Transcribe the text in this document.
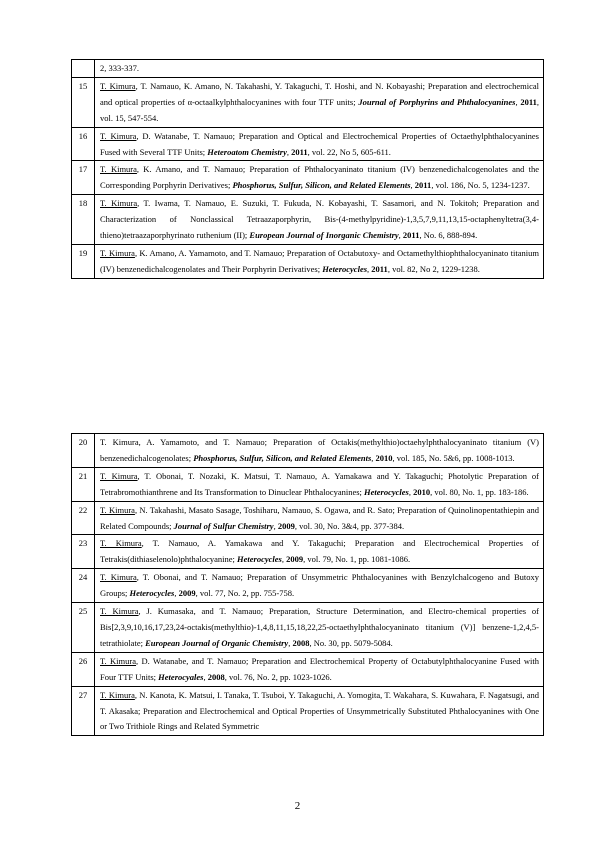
	2, 333-337.
15	T. Kimura, T. Namauo, K. Amano, N. Takahashi, Y. Takaguchi, T. Hoshi, and N. Kobayashi; Preparation and electrochemical and optical properties of α-octaalkylphthalocyanines with four TTF units; Journal of Porphyrins and Phthalocyanines, 2011, vol. 15, 547-554.
16	T. Kimura, D. Watanabe, T. Namauo; Preparation and Optical and Electrochemical Properties of Octaethylphthalocyanines Fused with Several TTF Units; Heteroatom Chemistry, 2011, vol. 22, No 5, 605-611.
17	T. Kimura, K. Amano, and T. Namauo; Preparation of Phthalocyaninato titanium (IV) benzenedichalcogenolates and the Corresponding Porphyrin Derivatives; Phosphorus, Sulfur, Silicon, and Related Elements, 2011, vol. 186, No. 5, 1234-1237.
18	T. Kimura, T. Iwama, T. Namauo, E. Suzuki, T. Fukuda, N. Kobayashi, T. Sasamori, and N. Tokitoh; Preparation and Characterization of Nonclassical Tetraazaporphyrin, Bis-(4-methylpyridine)-1,3,5,7,9,11,13,15-octaphenyltetra(3,4-thieno)tetraazaporphyrinato ruthenium (II); European Journal of Inorganic Chemistry, 2011, No. 6, 888-894.
19	T. Kimura, K. Amano, A. Yamamoto, and T. Namauo; Preparation of Octabutoxy- and Octamethylthiophthalocyaninato titanium (IV) benzenedichalcogenolates and Their Porphyrin Derivatives; Heterocycles, 2011, vol. 82, No 2, 1229-1238.
20	T. Kimura, A. Yamamoto, and T. Namauo; Preparation of Octakis(methylthio)octaehylphthalocyaninato titanium (V) benzenedichalcogenolates; Phosphorus, Sulfur, Silicon, and Related Elements, 2010, vol. 185, No. 5&6, pp. 1008-1013.
21	T. Kimura, T. Obonai, T. Nozaki, K. Matsui, T. Namauo, A. Yamakawa and Y. Takaguchi; Photolytic Preparation of Tetrabromothianthrene and Its Transformation to Dinuclear Phthalocyanines; Heterocycles, 2010, vol. 80, No. 1, pp. 183-186.
22	T. Kimura, N. Takahashi, Masato Sasage, Toshiharu, Namauo, S. Ogawa, and R. Sato; Preparation of Quinolinopentathiepin and Related Compounds; Journal of Sulfur Chemistry, 2009, vol. 30, No. 3&4, pp. 377-384.
23	T. Kimura, T. Namauo, A. Yamakawa and Y. Takaguchi; Preparation and Electrochemical Properties of Tetrakis(dithiaselenolo)phthalocyanine; Heterocycles, 2009, vol. 79, No. 1, pp. 1081-1086.
24	T. Kimura, T. Obonai, and T. Namauo; Preparation of Unsymmetric Phthalocyanines with Benzylchalcogeno and Butoxy Groups; Heterocycles, 2009, vol. 77, No. 2, pp. 755-758.
25	T. Kimura, J. Kumasaka, and T. Namauo; Preparation, Structure Determination, and Electro-chemical properties of Bis[2,3,9,10,16,17,23,24-octakis(methylthio)-1,4,8,11,15,18,22,25-octaethylphthalocyaninato titanium (V)] benzene-1,2,4,5-tetrathiolate; European Journal of Organic Chemistry, 2008, No. 30, pp. 5079-5084.
26	T. Kimura, D. Watanabe, and T. Namauo; Preparation and Electrochemical Property of Octabutylphthalocyanine Fused with Four TTF Units; Heterocyales, 2008, vol. 76, No. 2, pp. 1023-1026.
27	T. Kimura, N. Kanota, K. Matsui, I. Tanaka, T. Tsuboi, Y. Takaguchi, A. Yomogita, T. Wakahara, S. Kuwahara, F. Nagatsugi, and T. Akasaka; Preparation and Electrochemical and Optical Properties of Unsymmetrically Substituted Phthalocyanines with One or Two Trithiole Rings and Related Symmetric
2
